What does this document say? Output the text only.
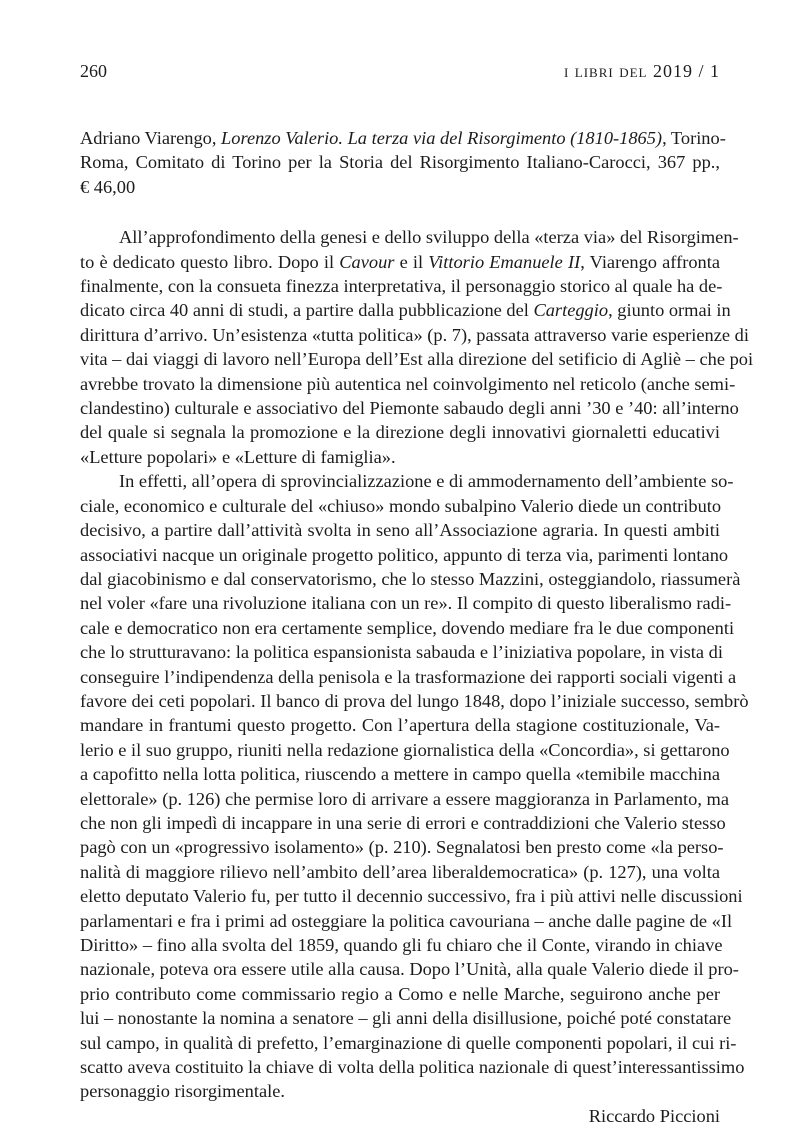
260	i libri del 2019 / 1
Adriano Viarengo, Lorenzo Valerio. La terza via del Risorgimento (1810-1865), Torino-
Roma, Comitato di Torino per la Storia del Risorgimento Italiano-Carocci, 367 pp.,
€ 46,00
All’approfondimento della genesi e dello sviluppo della «terza via» del Risorgimen-
to è dedicato questo libro. Dopo il Cavour e il Vittorio Emanuele II, Viarengo affronta
finalmente, con la consueta finezza interpretativa, il personaggio storico al quale ha de-
dicato circa 40 anni di studi, a partire dalla pubblicazione del Carteggio, giunto ormai in
dirittura d’arrivo. Un’esistenza «tutta politica» (p. 7), passata attraverso varie esperienze di
vita – dai viaggi di lavoro nell’Europa dell’Est alla direzione del setificio di Agliè – che poi
avrebbe trovato la dimensione più autentica nel coinvolgimento nel reticolo (anche semi-
clandestino) culturale e associativo del Piemonte sabaudo degli anni ’30 e ’40: all’interno
del quale si segnala la promozione e la direzione degli innovativi giornaletti educativi
«Letture popolari» e «Letture di famiglia».
In effetti, all’opera di sprovincializzazione e di ammodernamento dell’ambiente so-
ciale, economico e culturale del «chiuso» mondo subalpino Valerio diede un contributo
decisivo, a partire dall’attività svolta in seno all’Associazione agraria. In questi ambiti
associativi nacque un originale progetto politico, appunto di terza via, parimenti lontano
dal giacobinismo e dal conservatorismo, che lo stesso Mazzini, osteggiandolo, riassumerà
nel voler «fare una rivoluzione italiana con un re». Il compito di questo liberalismo radi-
cale e democratico non era certamente semplice, dovendo mediare fra le due componenti
che lo strutturavano: la politica espansionista sabauda e l’iniziativa popolare, in vista di
conseguire l’indipendenza della penisola e la trasformazione dei rapporti sociali vigenti a
favore dei ceti popolari. Il banco di prova del lungo 1848, dopo l’iniziale successo, sembrò
mandare in frantumi questo progetto. Con l’apertura della stagione costituzionale, Va-
lerio e il suo gruppo, riuniti nella redazione giornalistica della «Concordia», si gettarono
a capofitto nella lotta politica, riuscendo a mettere in campo quella «temibile macchina
elettorale» (p. 126) che permise loro di arrivare a essere maggioranza in Parlamento, ma
che non gli impedì di incappare in una serie di errori e contraddizioni che Valerio stesso
pagò con un «progressivo isolamento» (p. 210). Segnalatosi ben presto come «la perso-
nalità di maggiore rilievo nell’ambito dell’area liberaldemocratica» (p. 127), una volta
eletto deputato Valerio fu, per tutto il decennio successivo, fra i più attivi nelle discussioni
parlamentari e fra i primi ad osteggiare la politica cavouriana – anche dalle pagine de «Il
Diritto» – fino alla svolta del 1859, quando gli fu chiaro che il Conte, virando in chiave
nazionale, poteva ora essere utile alla causa. Dopo l’Unità, alla quale Valerio diede il pro-
prio contributo come commissario regio a Como e nelle Marche, seguirono anche per
lui – nonostante la nomina a senatore – gli anni della disillusione, poiché poté constatare
sul campo, in qualità di prefetto, l’emarginazione di quelle componenti popolari, il cui ri-
scatto aveva costituito la chiave di volta della politica nazionale di quest’interessantissimo
personaggio risorgimentale.
Riccardo Piccioni
